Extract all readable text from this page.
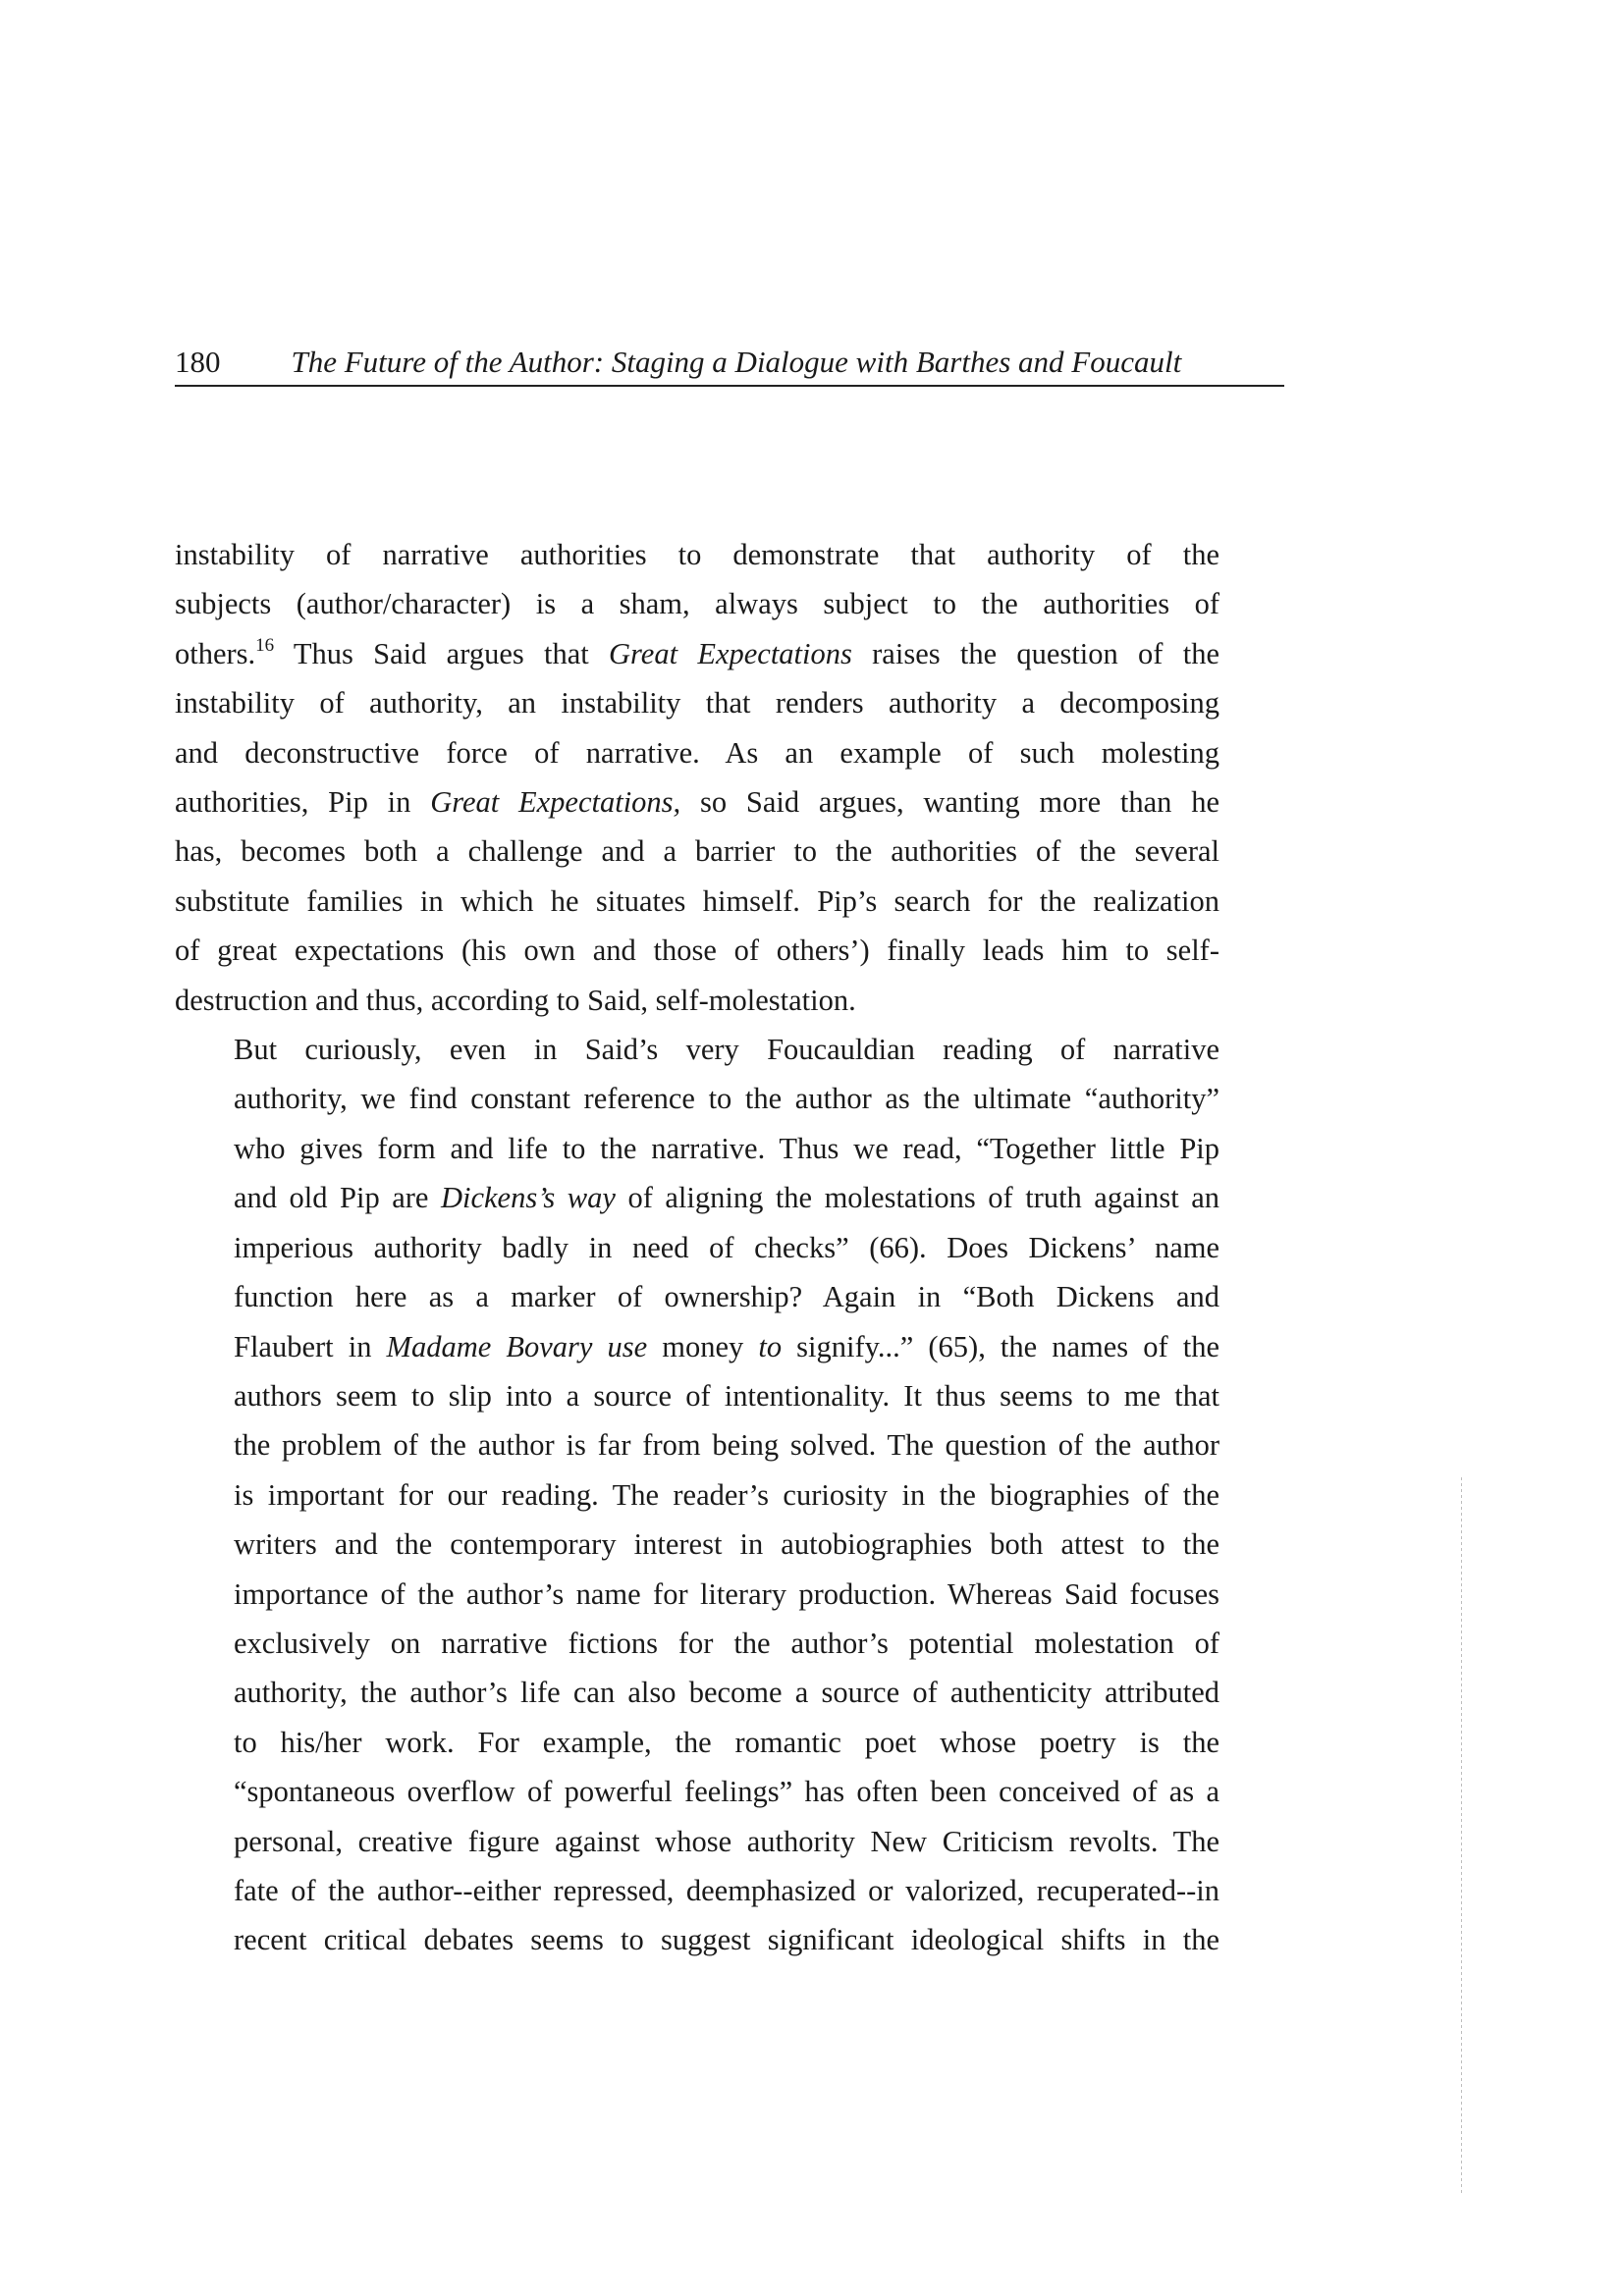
180 The Future of the Author: Staging a Dialogue with Barthes and Foucault

instability of narrative authorities to demonstrate that authority of the
subjects (author/character) is a sham, always subject to the authorities of
others.$^{16}$ Thus Said argues that Great Expectations raises the question of the
instability of authority, an instability that renders authority a decomposing
and deconstructive force of narrative. As an example of such molesting
authorities, Pip in Great Expectations, so Said argues, wanting more than he
has, becomes both a challenge and a barrier to the authorities of the several
substitute families in which he situates himself. Pip’s search for the realization
of great expectations (his own and those of others’) finally leads him to self-
destruction and thus, according to Said, self-molestation.

But curiously, even in Said’s very Foucauldian reading of narrative
authority, we find constant reference to the author as the ultimate “authority”
who gives form and life to the narrative. Thus we read, “Together little Pip
and old Pip are Dickens’s way of aligning the molestations of truth against an
imperious authority badly in need of checks” (66). Does Dickens’ name
function here as a marker of ownership? Again in “Both Dickens and
Flaubert in Madame Bovary use money to signify...” (65), the names of the
authors seem to slip into a source of intentionality. It thus seems to me that
the problem of the author is far from being solved. The question of the author
is important for our reading. The reader’s curiosity in the biographies of the
writers and the contemporary interest in autobiographies both attest to the
importance of the author’s name for literary production. Whereas Said focuses
exclusively on narrative fictions for the author’s potential molestation of
authority, the author’s life can also become a source of authenticity attributed
to his/her work. For example, the romantic poet whose poetry is the
“spontaneous overflow of powerful feelings” has often been conceived of as a
personal, creative figure against whose authority New Criticism revolts. The
fate of the author--either repressed, deemphasized or valorized, recuperated--in
recent critical debates seems to suggest significant ideological shifts in the
